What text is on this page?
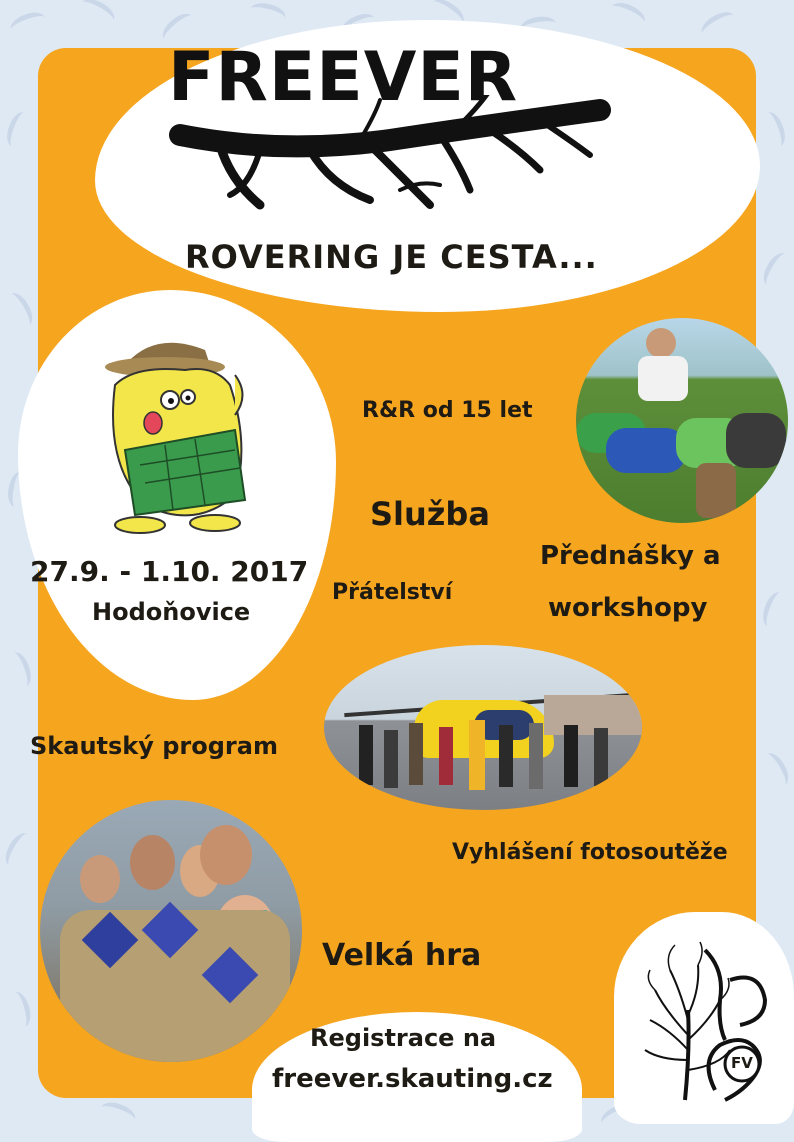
FREEVER
ROVERING JE CESTA...
27.9. - 1.10. 2017
Hodoňovice
R&R od 15 let
Služba
Přátelství
Přednášky a
workshopy
Skautský program
Vyhlášení fotosoutěže
Velká hra
Registrace na
freever.skauting.cz
FV
